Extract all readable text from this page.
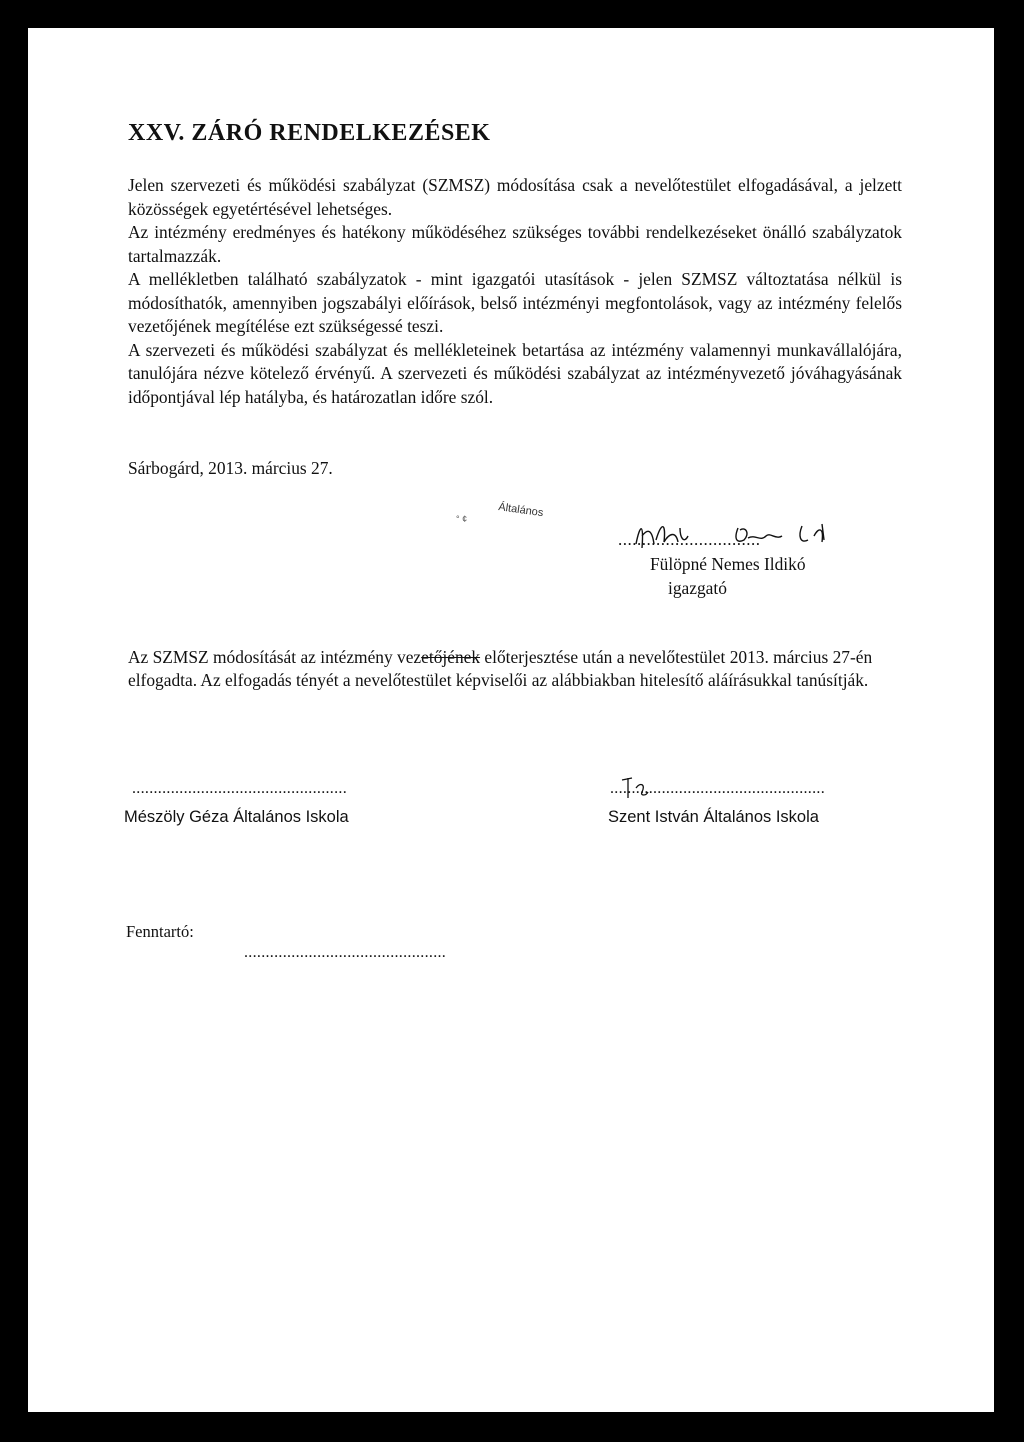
XXV. ZÁRÓ RENDELKEZÉSEK

Jelen szervezeti és működési szabályzat (SZMSZ) módosítása csak a nevelőtestület elfogadásával, a jelzett közösségek egyetértésével lehetséges.

Az intézmény eredményes és hatékony működéséhez szükséges további rendelkezéseket önálló szabályzatok tartalmazzák.

A mellékletben található szabályzatok - mint igazgatói utasítások - jelen SZMSZ változtatása nélkül is módosíthatók, amennyiben jogszabályi előírások, belső intézményi megfontolások, vagy az intézmény felelős vezetőjének megítélése ezt szükségessé teszi.

A szervezeti és működési szabályzat és mellékleteinek betartása az intézmény valamennyi munkavállalójára, tanulójára nézve kötelező érvényű. A szervezeti és működési szabályzat az intézményvezető jóváhagyásának időpontjával lép hatályba, és határozatlan időre szól.

Sárbogárd, 2013. március 27.
Általános
° ¢
..............................
Fülöpné Nemes Ildikó
igazgató

Az SZMSZ módosítását az intézmény vezetőjének előterjesztése után a nevelőtestület 2013. március 27-én elfogadta. Az elfogadás tényét a nevelőtestület képviselői az alábbiakban hitelesítő aláírásukkal tanúsítják.

..................................................
Mészöly Géza Általános Iskola
..................................................
Szent István Általános Iskola
Fenntartó:
...............................................
